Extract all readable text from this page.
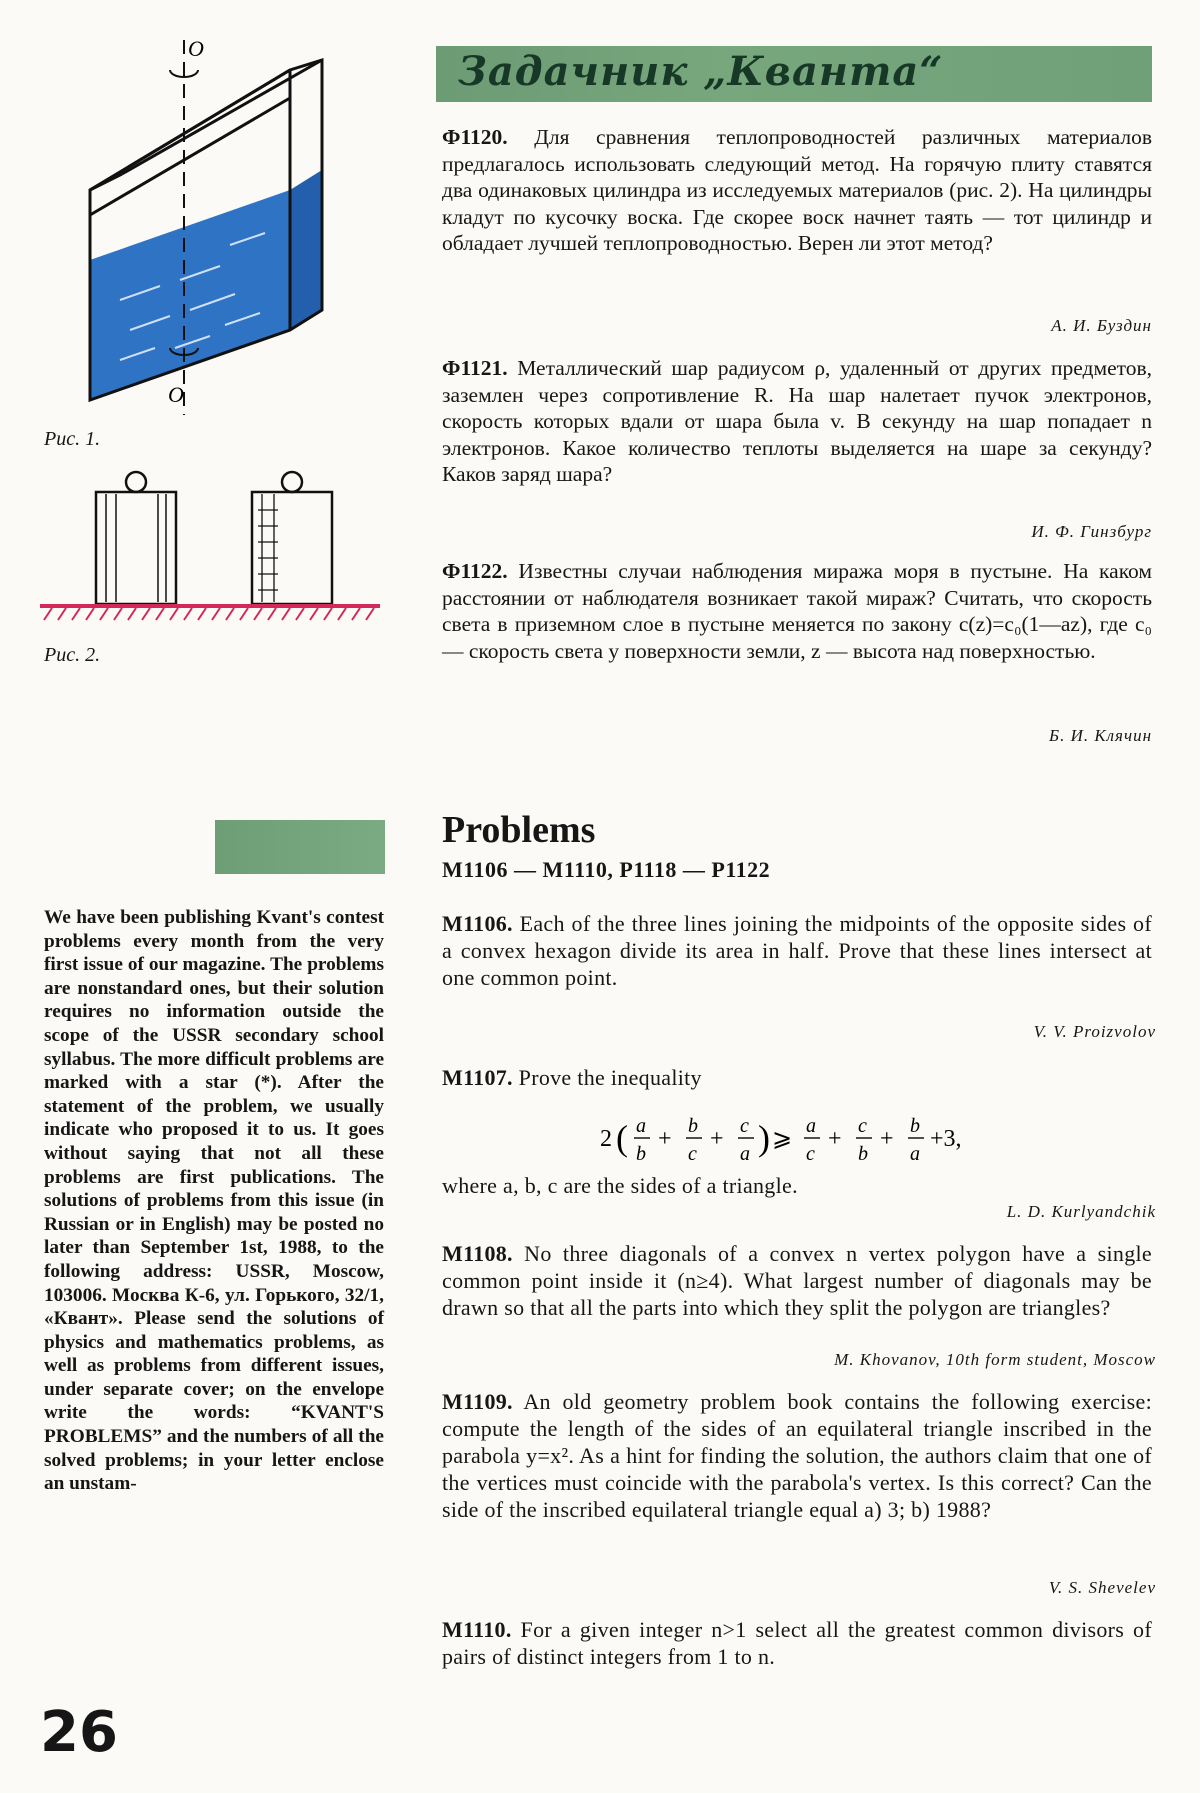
O
O
Рис. 1.
Рис. 2.
Задачник „Кванта“
Ф1120. Для сравнения теплопроводностей различных материалов предлагалось использовать следующий метод. На горячую плиту ставятся два одинаковых цилиндра из исследуемых материалов (рис. 2). На цилиндры кладут по кусочку воска. Где скорее воск начнет таять — тот цилиндр и обладает лучшей теплопроводностью. Верен ли этот метод?
А. И. Буздин
Ф1121. Металлический шар радиусом ρ, удаленный от других предметов, заземлен через сопротивление R. На шар налетает пучок электронов, скорость которых вдали от шара была v. В секунду на шар попадает n электронов. Какое количество теплоты выделяется на шаре за секунду? Каков заряд шара?
И. Ф. Гинзбург
Ф1122. Известны случаи наблюдения миража моря в пустыне. На каком расстоянии от наблюдателя возникает такой мираж? Считать, что скорость света в приземном слое в пустыне меняется по закону c(z)=c₀(1—az), где c₀ — скорость света у поверхности земли, z — высота над поверхностью.
Б. И. Клячин
We have been publishing Kvant's contest problems every month from the very first issue of our magazine. The problems are nonstandard ones, but their solution requires no information outside the scope of the USSR secondary school syllabus. The more difficult problems are marked with a star (*). After the statement of the problem, we usually indicate who proposed it to us. It goes without saying that not all these problems are first publications. The solutions of problems from this issue (in Russian or in English) may be posted no later than September 1st, 1988, to the following address: USSR, Moscow, 103006. Москва К-6, ул. Горького, 32/1, «Квант». Please send the solutions of physics and mathematics problems, as well as problems from different issues, under separate cover; on the envelope write the words: “KVANT'S PROBLEMS” and the numbers of all the solved problems; in your letter enclose an unstam-
Problems
M1106 — M1110, P1118 — P1122
M1106. Each of the three lines joining the midpoints of the opposite sides of a convex hexagon divide its area in half. Prove that these lines intersect at one common point.
V. V. Proizvolov
M1107. Prove the inequality
2 ( a
b
+ b
c
+ c
a ) ⩾ a
c
+ c
b
+ b
a
+3,
where a, b, c are the sides of a triangle.
L. D. Kurlyandchik
M1108. No three diagonals of a convex n vertex polygon have a single common point inside it (n≥4). What largest number of diagonals may be drawn so that all the parts into which they split the polygon are triangles?
M. Khovanov, 10th form student, Moscow
M1109. An old geometry problem book contains the following exercise: compute the length of the sides of an equilateral triangle inscribed in the parabola y=x². As a hint for finding the solution, the authors claim that one of the vertices must coincide with the parabola's vertex. Is this correct? Can the side of the inscribed equilateral triangle equal a) 3; b) 1988?
V. S. Shevelev
M1110. For a given integer n>1 select all the greatest common divisors of pairs of distinct integers from 1 to n.
26
